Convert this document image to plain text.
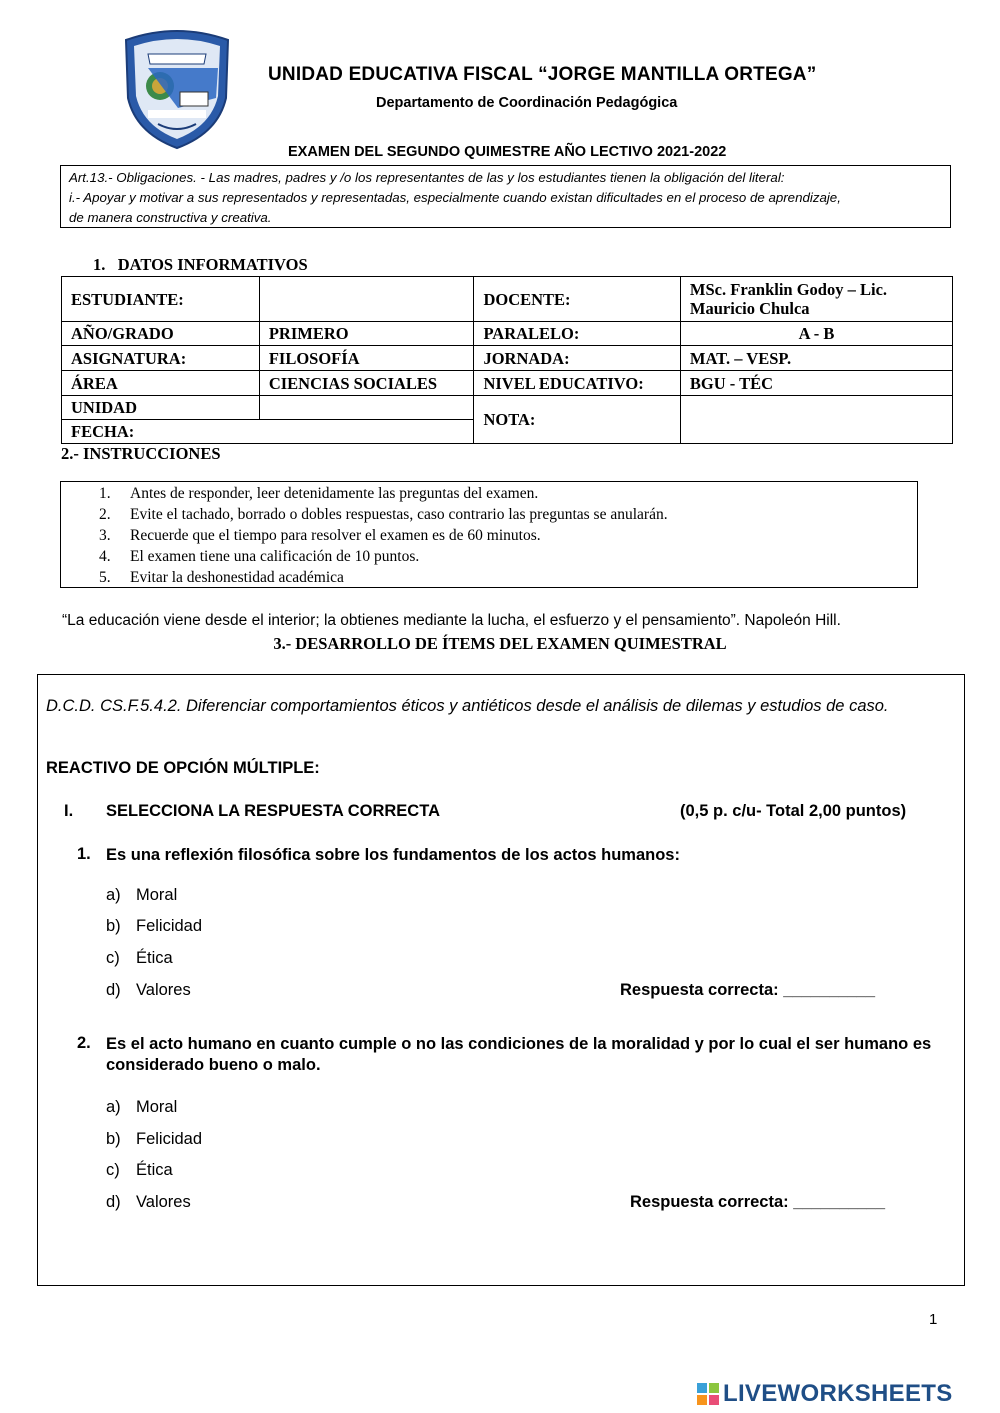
UNIDAD EDUCATIVA FISCAL “JORGE MANTILLA ORTEGA”
Departamento de Coordinación Pedagógica
EXAMEN DEL SEGUNDO QUIMESTRE AÑO LECTIVO 2021-2022
Art.13.- Obligaciones. - Las madres, padres y /o los representantes de las y los estudiantes tienen la obligación del literal:
i.- Apoyar y motivar a sus representados y representadas, especialmente cuando existan dificultades en el proceso de aprendizaje,
de manera constructiva y creativa.
1.   DATOS INFORMATIVOS
ESTUDIANTE:		DOCENTE:	MSc. Franklin Godoy – Lic. Mauricio Chulca
AÑO/GRADO	PRIMERO	PARALELO:	A - B
ASIGNATURA:	FILOSOFÍA	JORNADA:	MAT. – VESP.
ÁREA	CIENCIAS SOCIALES	NIVEL EDUCATIVO:	BGU - TÉC
UNIDAD		NOTA:	
FECHA:			
2.- INSTRUCCIONES
1. Antes de responder, leer detenidamente las preguntas del examen.
2. Evite el tachado, borrado o dobles respuestas, caso contrario las preguntas se anularán.
3. Recuerde que el tiempo para resolver el examen es de 60 minutos.
4. El examen tiene una calificación de 10 puntos.
5. Evitar la deshonestidad académica
“La educación viene desde el interior; la obtienes mediante la lucha, el esfuerzo y el pensamiento”. Napoleón Hill.
3.- DESARROLLO DE ÍTEMS DEL EXAMEN QUIMESTRAL
D.C.D. CS.F.5.4.2. Diferenciar comportamientos éticos y antiéticos desde el análisis de dilemas y estudios de caso.
REACTIVO DE OPCIÓN MÚLTIPLE:
I. SELECCIONA LA RESPUESTA CORRECTA	(0,5 p. c/u- Total 2,00 puntos)
1. Es una reflexión filosófica sobre los fundamentos de los actos humanos:
a) Moral
b) Felicidad
c) Ética
d) Valores	Respuesta correcta: __________
2. Es el acto humano en cuanto cumple o no las condiciones de la moralidad y por lo cual el ser humano es considerado bueno o malo.
a) Moral
b) Felicidad
c) Ética
d) Valores	Respuesta correcta: __________
1
LIVEWORKSHEETS
